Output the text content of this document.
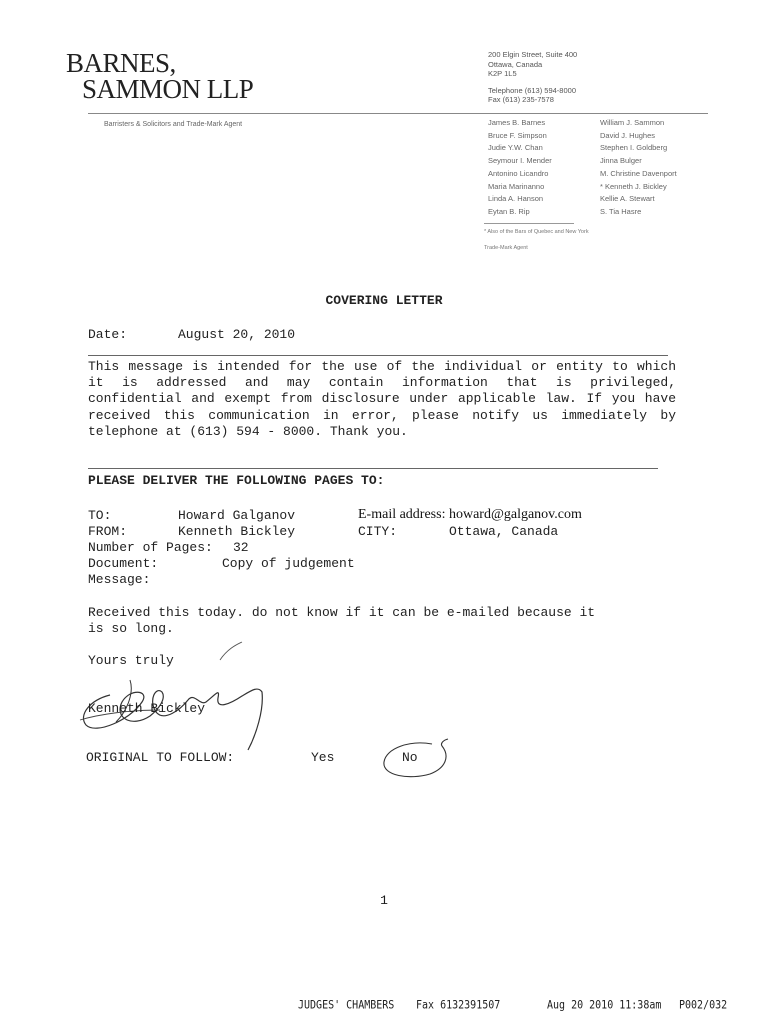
BARNES,
SAMMON LLP
Barristers & Solicitors and Trade-Mark Agent
200 Elgin Street, Suite 400
Ottawa, Canada
K2P 1L5
Telephone (613) 594-8000
Fax (613) 235-7578
James B. Barnes
Bruce F. Simpson
Judie Y.W. Chan
Seymour I. Mender
Antonino Licandro
Maria Marinanno
Linda A. Hanson
Eytan B. Rip
William J. Sammon
David J. Hughes
Stephen I. Goldberg
Jinna Bulger
M. Christine Davenport
* Kenneth J. Bickley
Kellie A. Stewart
S. Tia Hasre
* Also of the Bars of Quebec and New York
Trade-Mark Agent
COVERING LETTER
Date:	August 20, 2010
This message is intended for the use of the individual or entity to which it is addressed and may contain information that is privileged, confidential and exempt from disclosure under applicable law. If you have received this communication in error, please notify us immediately by telephone at (613) 594 - 8000. Thank you.
PLEASE DELIVER THE FOLLOWING PAGES TO:
TO:	Howard Galganov	E-mail address: howard@galganov.com
FROM:	Kenneth Bickley	CITY:	Ottawa, Canada
Number of Pages: 32
Document:	Copy of judgement
Message:
Received this today. do not know if it can be e-mailed because it
is so long.
Yours truly
Kenneth Bickley
ORIGINAL TO FOLLOW:	Yes	No
1
JUDGES' CHAMBERS Fax 6132391507	Aug 20 2010 11:38am P002/032
